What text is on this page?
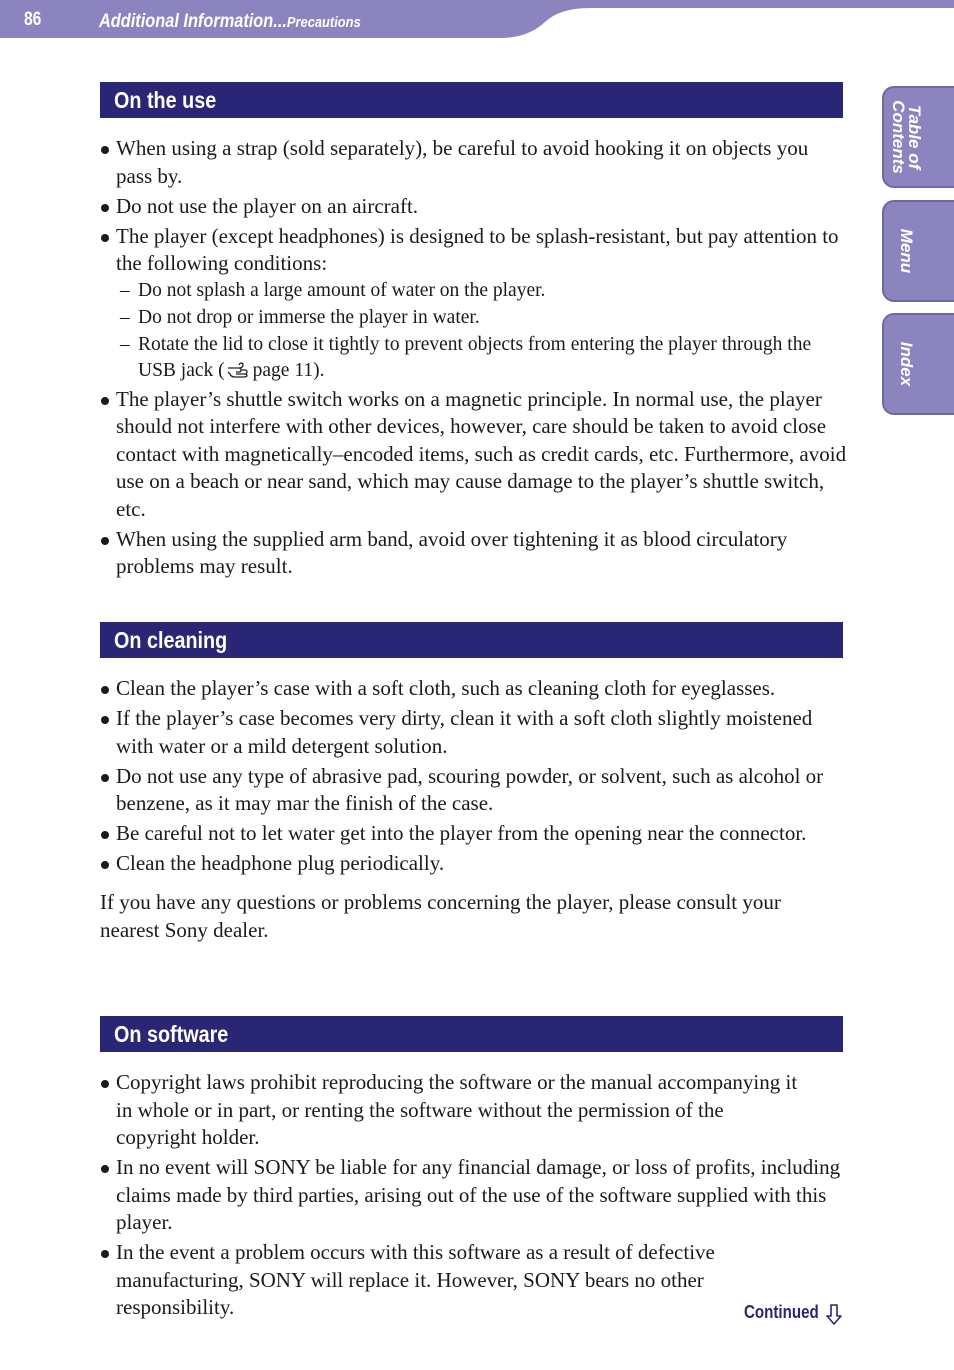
86	Additional Information...Precautions
Table of
Contents
Menu
Index
On the use
When using a strap (sold separately), be careful to avoid hooking it on objects you pass by.
Do not use the player on an aircraft.
The player (except headphones) is designed to be splash-resistant, but pay attention to the following conditions:
– Do not splash a large amount of water on the player.
– Do not drop or immerse the player in water.
– Rotate the lid to close it tightly to prevent objects from entering the player through the USB jack ( page 11).
The player’s shuttle switch works on a magnetic principle. In normal use, the player should not interfere with other devices, however, care should be taken to avoid close contact with magnetically–encoded items, such as credit cards, etc. Furthermore, avoid use on a beach or near sand, which may cause damage to the player’s shuttle switch, etc.
When using the supplied arm band, avoid over tightening it as blood circulatory problems may result.
On cleaning
Clean the player’s case with a soft cloth, such as cleaning cloth for eyeglasses.
If the player’s case becomes very dirty, clean it with a soft cloth slightly moistened with water or a mild detergent solution.
Do not use any type of abrasive pad, scouring powder, or solvent, such as alcohol or benzene, as it may mar the finish of the case.
Be careful not to let water get into the player from the opening near the connector.
Clean the headphone plug periodically.

If you have any questions or problems concerning the player, please consult your nearest Sony dealer.

On software
Copyright laws prohibit reproducing the software or the manual accompanying it in whole or in part, or renting the software without the permission of the copyright holder.
In no event will SONY be liable for any financial damage, or loss of profits, including claims made by third parties, arising out of the use of the software supplied with this player.
In the event a problem occurs with this software as a result of defective manufacturing, SONY will replace it. However, SONY bears no other responsibility.	Continued
